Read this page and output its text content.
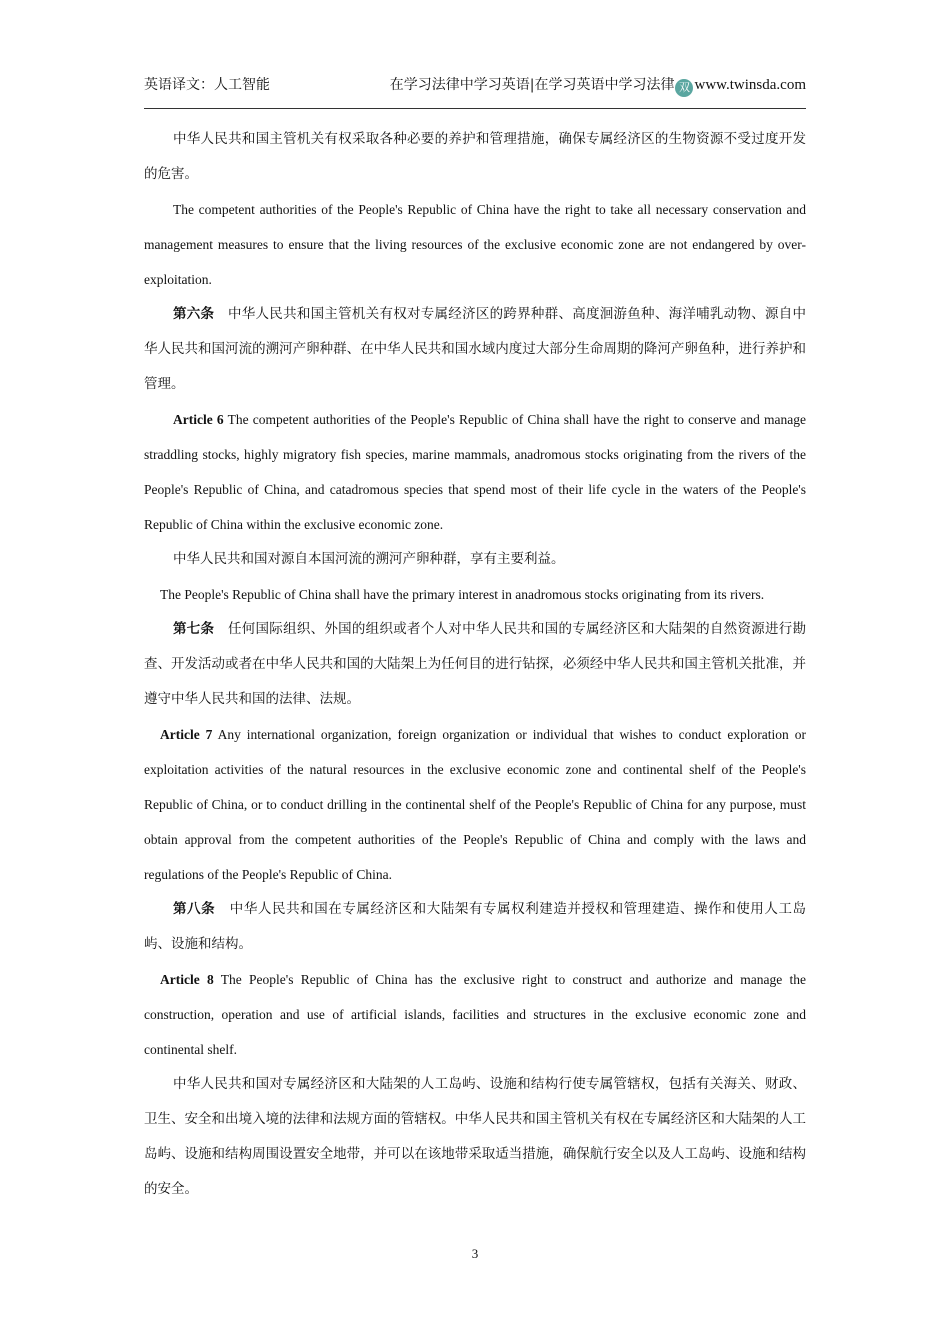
英语译文：人工智能	在学习法律中学习英语|在学习英语中学习法律 双 www.twinsda.com

中华人民共和国主管机关有权采取各种必要的养护和管理措施，确保专属经济区的生物资源不受过度开发的危害。

The competent authorities of the People's Republic of China have the right to take all necessary conservation and management measures to ensure that the living resources of the exclusive economic zone are not endangered by over-exploitation.

第六条 中华人民共和国主管机关有权对专属经济区的跨界种群、高度洄游鱼种、海洋哺乳动物、源自中华人民共和国河流的溯河产卵种群、在中华人民共和国水域内度过大部分生命周期的降河产卵鱼种，进行养护和管理。

Article 6 The competent authorities of the People's Republic of China shall have the right to conserve and manage straddling stocks, highly migratory fish species, marine mammals, anadromous stocks originating from the rivers of the People's Republic of China, and catadromous species that spend most of their life cycle in the waters of the People's Republic of China within the exclusive economic zone.

中华人民共和国对源自本国河流的溯河产卵种群，享有主要利益。

The People's Republic of China shall have the primary interest in anadromous stocks originating from its rivers.

第七条 任何国际组织、外国的组织或者个人对中华人民共和国的专属经济区和大陆架的自然资源进行勘查、开发活动或者在中华人民共和国的大陆架上为任何目的进行钻探，必须经中华人民共和国主管机关批准，并遵守中华人民共和国的法律、法规。

Article 7 Any international organization, foreign organization or individual that wishes to conduct exploration or exploitation activities of the natural resources in the exclusive economic zone and continental shelf of the People's Republic of China, or to conduct drilling in the continental shelf of the People's Republic of China for any purpose, must obtain approval from the competent authorities of the People's Republic of China and comply with the laws and regulations of the People's Republic of China.

第八条 中华人民共和国在专属经济区和大陆架有专属权利建造并授权和管理建造、操作和使用人工岛屿、设施和结构。

Article 8 The People's Republic of China has the exclusive right to construct and authorize and manage the construction, operation and use of artificial islands, facilities and structures in the exclusive economic zone and continental shelf.

中华人民共和国对专属经济区和大陆架的人工岛屿、设施和结构行使专属管辖权，包括有关海关、财政、卫生、安全和出境入境的法律和法规方面的管辖权。中华人民共和国主管机关有权在专属经济区和大陆架的人工岛屿、设施和结构周围设置安全地带，并可以在该地带采取适当措施，确保航行安全以及人工岛屿、设施和结构的安全。

3
